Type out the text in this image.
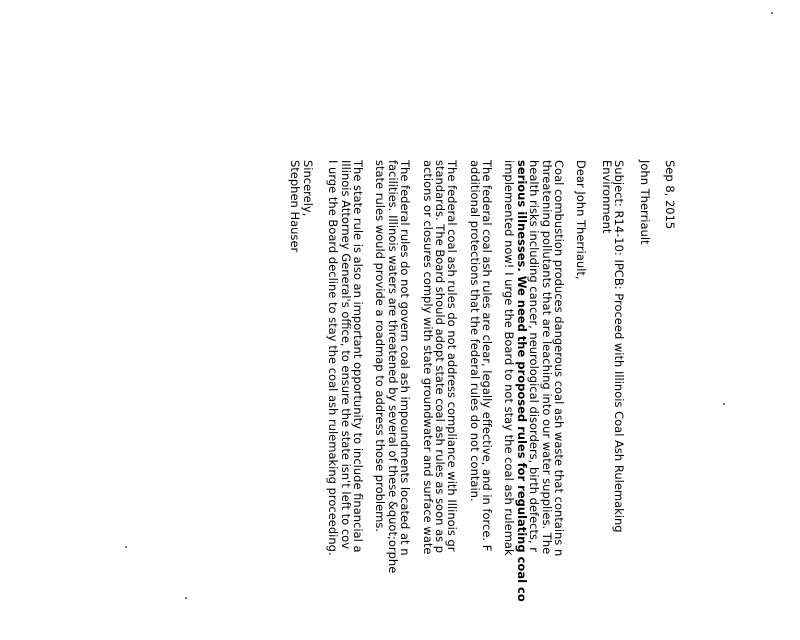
Sep 8, 2015
John Therriault
Subject: R14-10: IPCB: Proceed with Illinois Coal Ash Rulemaking
Environment
Dear John Therriault,
Coal combustion produces dangerous coal ash waste that contains n
threatening pollutants that are leaching into our water supplies. The
health risks including cancer, neurological disorders, birth defects, r
serious illnesses. We need the proposed rules for regulating coal co
implemented now! I urge the Board to not stay the coal ash rulemak
The federal coal ash rules are clear, legally effective, and in force. F
additional protections that the federal rules do not contain.
The federal coal ash rules do not address compliance with Illinois gr
standards. The Board should adopt state coal ash rules as soon as p
actions or closures comply with state groundwater and surface wate
The federal rules do not govern coal ash impoundments located at n
facilities. Illinois waters are threatened by several of these &quot;orphe
state rules would provide a roadmap to address those problems.
The state rule is also an important opportunity to include financial a
Illinois Attorney General's office, to ensure the state isn't left to cov
I urge the Board decline to stay the coal ash rulemaking proceeding.
Sincerely,
Stephen Hauser
